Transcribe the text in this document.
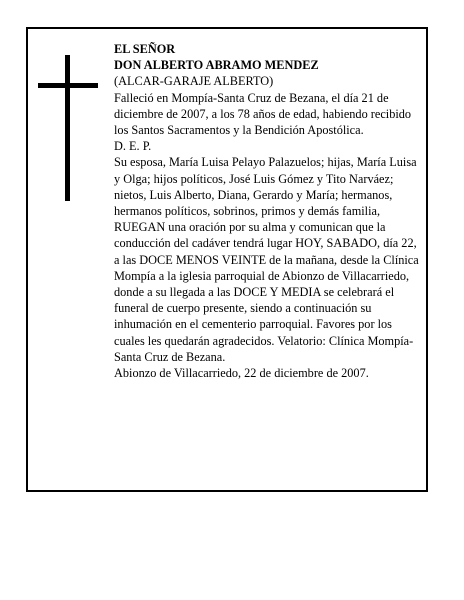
EL SEÑOR

DON ALBERTO ABRAMO MENDEZ

(ALCAR-GARAJE ALBERTO)

Falleció en Mompía-Santa Cruz de Bezana, el día 21 de diciembre de 2007, a los 78 años de edad, habiendo recibido los Santos Sacramentos y la Bendición Apostólica.

D. E. P.

Su esposa, María Luisa Pelayo Palazuelos; hijas, María Luisa y Olga; hijos políticos, José Luis Gómez y Tito Narváez; nietos, Luis Alberto, Diana, Gerardo y María; hermanos, hermanos políticos, sobrinos, primos y demás familia,

RUEGAN una oración por su alma y comunican que la conducción del cadáver tendrá lugar HOY, SABADO, día 22, a las DOCE MENOS VEINTE de la mañana, desde la Clínica Mompía a la iglesia parroquial de Abionzo de Villacarriedo, donde a su llegada a las DOCE Y MEDIA se celebrará el funeral de cuerpo presente, siendo a continuación su inhumación en el cementerio parroquial. Favores por los cuales les quedarán agradecidos. Velatorio: Clínica Mompía-Santa Cruz de Bezana.

Abionzo de Villacarriedo, 22 de diciembre de 2007.
